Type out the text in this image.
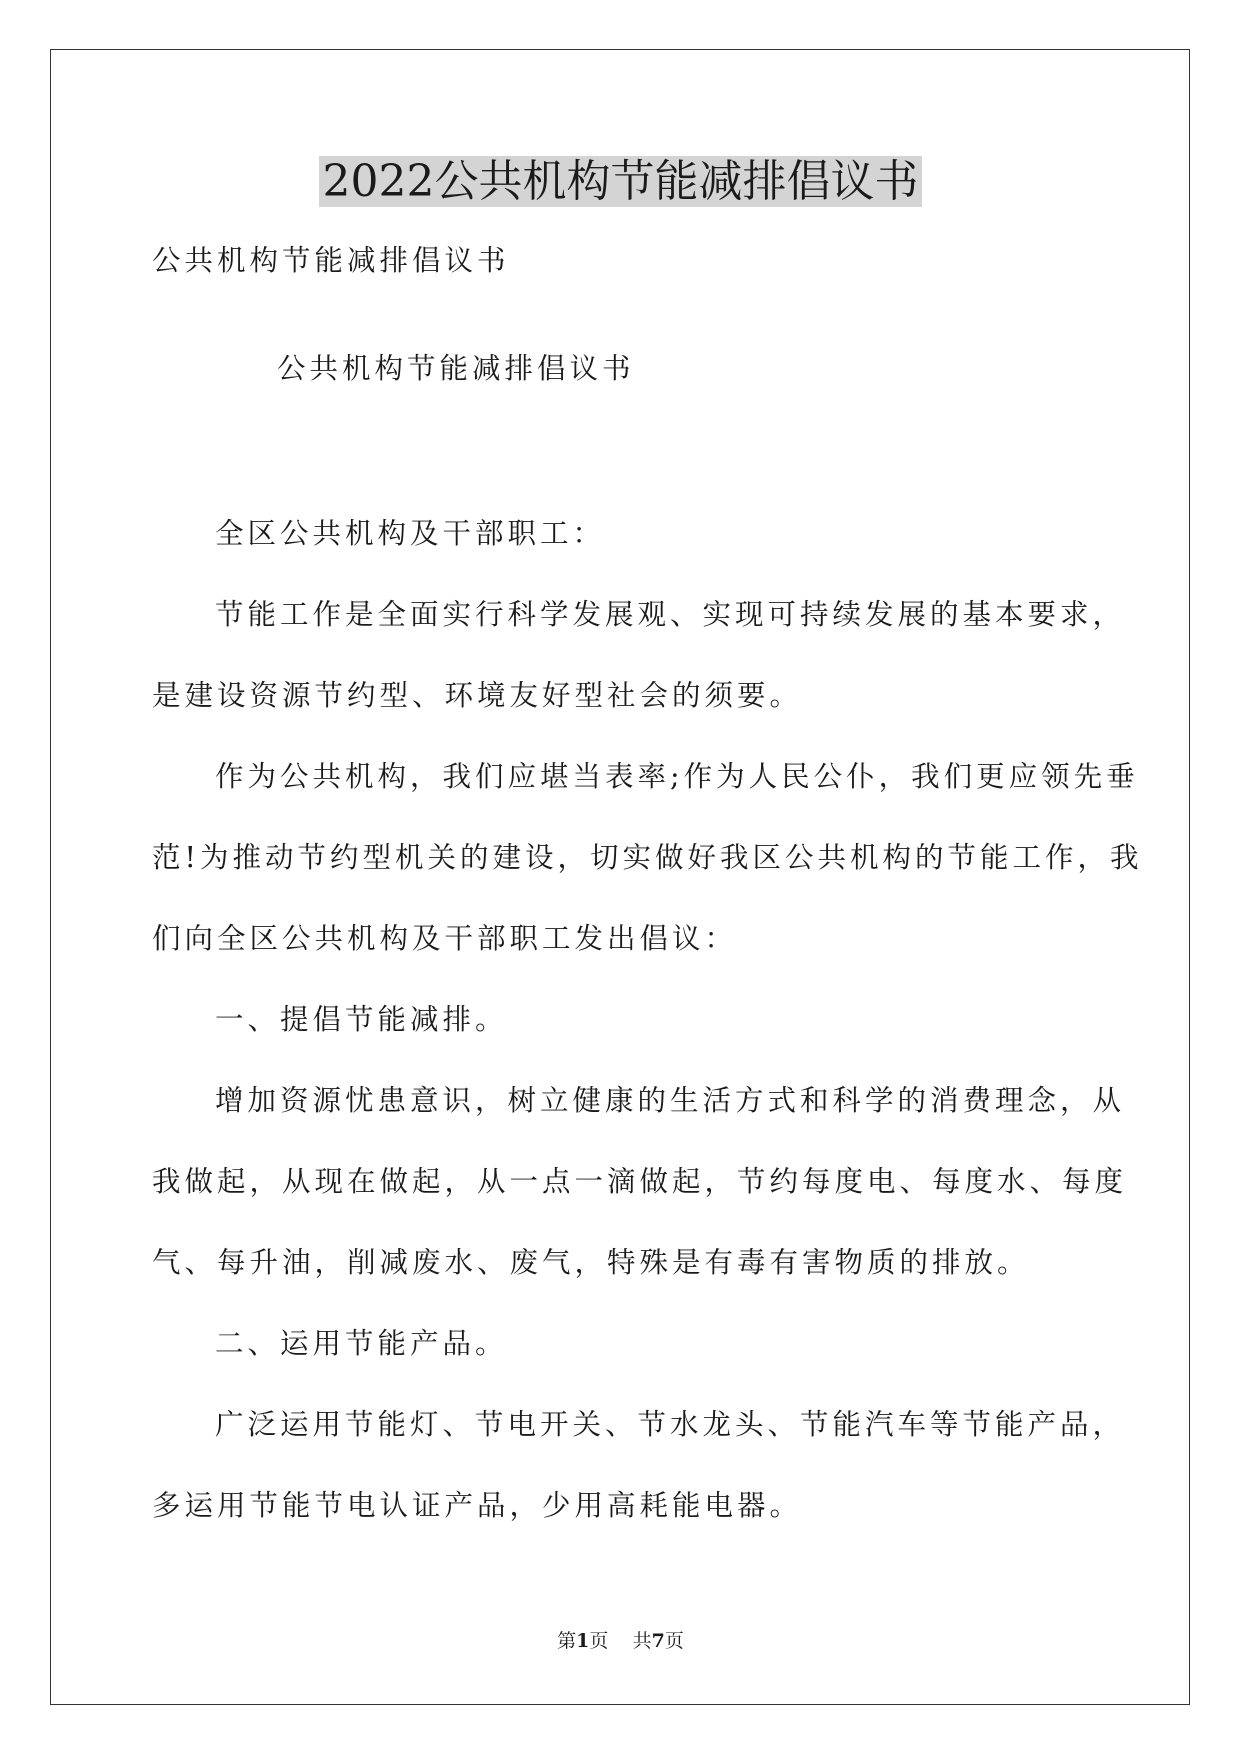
2022公共机构节能减排倡议书
公共机构节能减排倡议书
公共机构节能减排倡议书
全区公共机构及干部职工：
节能工作是全面实行科学发展观、实现可持续发展的基本要求，
是建设资源节约型、环境友好型社会的须要。
作为公共机构，我们应堪当表率;作为人民公仆，我们更应领先垂
范!为推动节约型机关的建设，切实做好我区公共机构的节能工作，我
们向全区公共机构及干部职工发出倡议：
一、提倡节能减排。
增加资源忧患意识，树立健康的生活方式和科学的消费理念，从
我做起，从现在做起，从一点一滴做起，节约每度电、每度水、每度
气、每升油，削减废水、废气，特殊是有毒有害物质的排放。
二、运用节能产品。
广泛运用节能灯、节电开关、节水龙头、节能汽车等节能产品，
多运用节能节电认证产品，少用高耗能电器。
第1页 共7页
